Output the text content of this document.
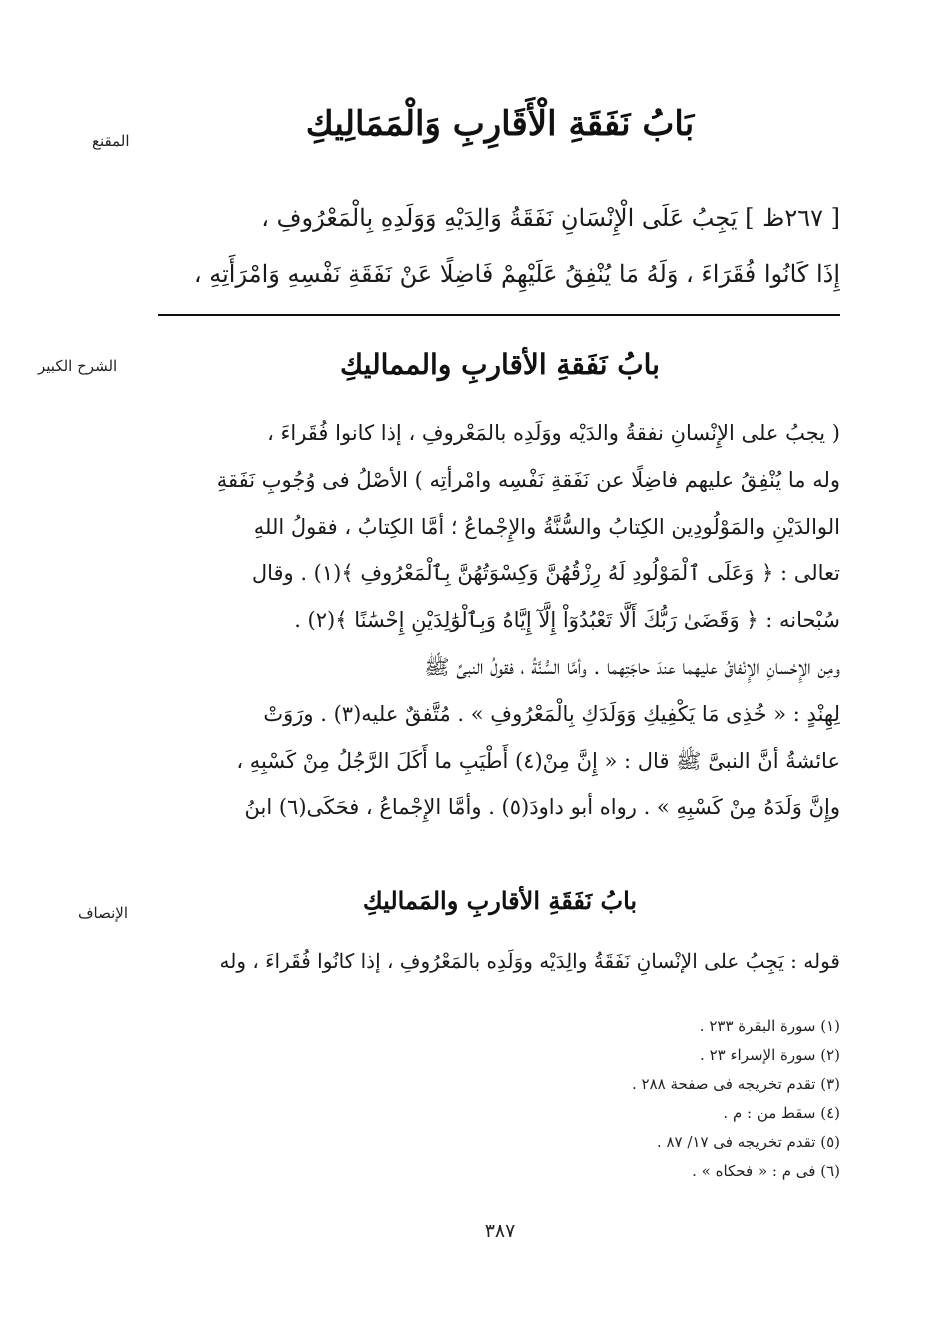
المقنع
الشرح الكبير
الإنصاف
بَابُ نَفَقَةِ الْأَقَارِبِ وَالْمَمَالِيكِ
[ ٢٦٧ظ ] يَجِبُ عَلَى الْإِنْسَانِ نَفَقَةُ وَالِدَيْهِ وَوَلَدِهِ بِالْمَعْرُوفِ ،
إِذَا كَانُوا فُقَرَاءَ ، وَلَهُ مَا يُنْفِقُ عَلَيْهِمْ فَاضِلًا عَنْ نَفَقَةِ نَفْسِهِ وَامْرَأَتِهِ ،
بابُ نَفَقةِ الأقاربِ والمماليكِ
( يجبُ على الإِنْسانِ نفقةُ والدَيْه ووَلَدِه بالمَعْروفِ ، إذا كانوا فُقَراءَ ،
وله ما يُنْفِقُ عليهم فاضِلًا عن نَفَقةِ نَفْسِه وامْرأتِه ) الأصْلُ فى وُجُوبِ نَفَقةِ
الوالدَيْنِ والمَوْلُودِين الكِتابُ والسُّنَّةُ والإِجْماعُ ؛ أمَّا الكِتابُ ، فقولُ اللهِ
تعالى : ﴿ وَعَلَى ٱلْمَوْلُودِ لَهُ رِزْقُهُنَّ وَكِسْوَتُهُنَّ بِٱلْمَعْرُوفِ ﴾(١) . وقال
سُبْحانه : ﴿ وَقَضَىٰ رَبُّكَ أَلَّا تَعْبُدُوٓاْ إِلَّآ إِيَّاهُ وَبِٱلْوَٰلِدَيْنِ إِحْسَٰنًا ﴾(٢) .
ومِن الإِحْسانِ الإِنْفاقُ عليهما عندَ حاجَتِهما . وأمَّا السُّنَّةُ ، فقولُ النبىِّ ﷺ
لِهِنْدٍ : « خُذِى مَا يَكْفِيكِ وَوَلَدَكِ بِالْمَعْرُوفِ » . مُتَّفقٌ عليه(٣) . ورَوَتْ
عائشةُ أنَّ النبىَّ ﷺ قال : « إِنَّ مِنْ(٤) أَطْيَبِ ما أَكَلَ الرَّجُلُ مِنْ كَسْبِهِ ،
وإِنَّ وَلَدَهُ مِنْ كَسْبِهِ » . رواه أبو داودَ(٥) . وأمَّا الإِجْماعُ ، فحَكَى(٦) ابنُ
بابُ نَفَقَةِ الأقاربِ والمَماليكِ
قوله : يَجِبُ على الإنْسانِ نَفَقَةُ والِدَيْه ووَلَدِه بالمَعْرُوفِ ، إذا كانُوا فُقَراءَ ، وله
(١) سورة البقرة ٢٣٣ .
(٢) سورة الإسراء ٢٣ .
(٣) تقدم تخريجه فى صفحة ٢٨٨ .
(٤) سقط من : م .
(٥) تقدم تخريجه فى ١٧/ ٨٧ .
(٦) فى م : « فحكاه » .
٣٨٧
